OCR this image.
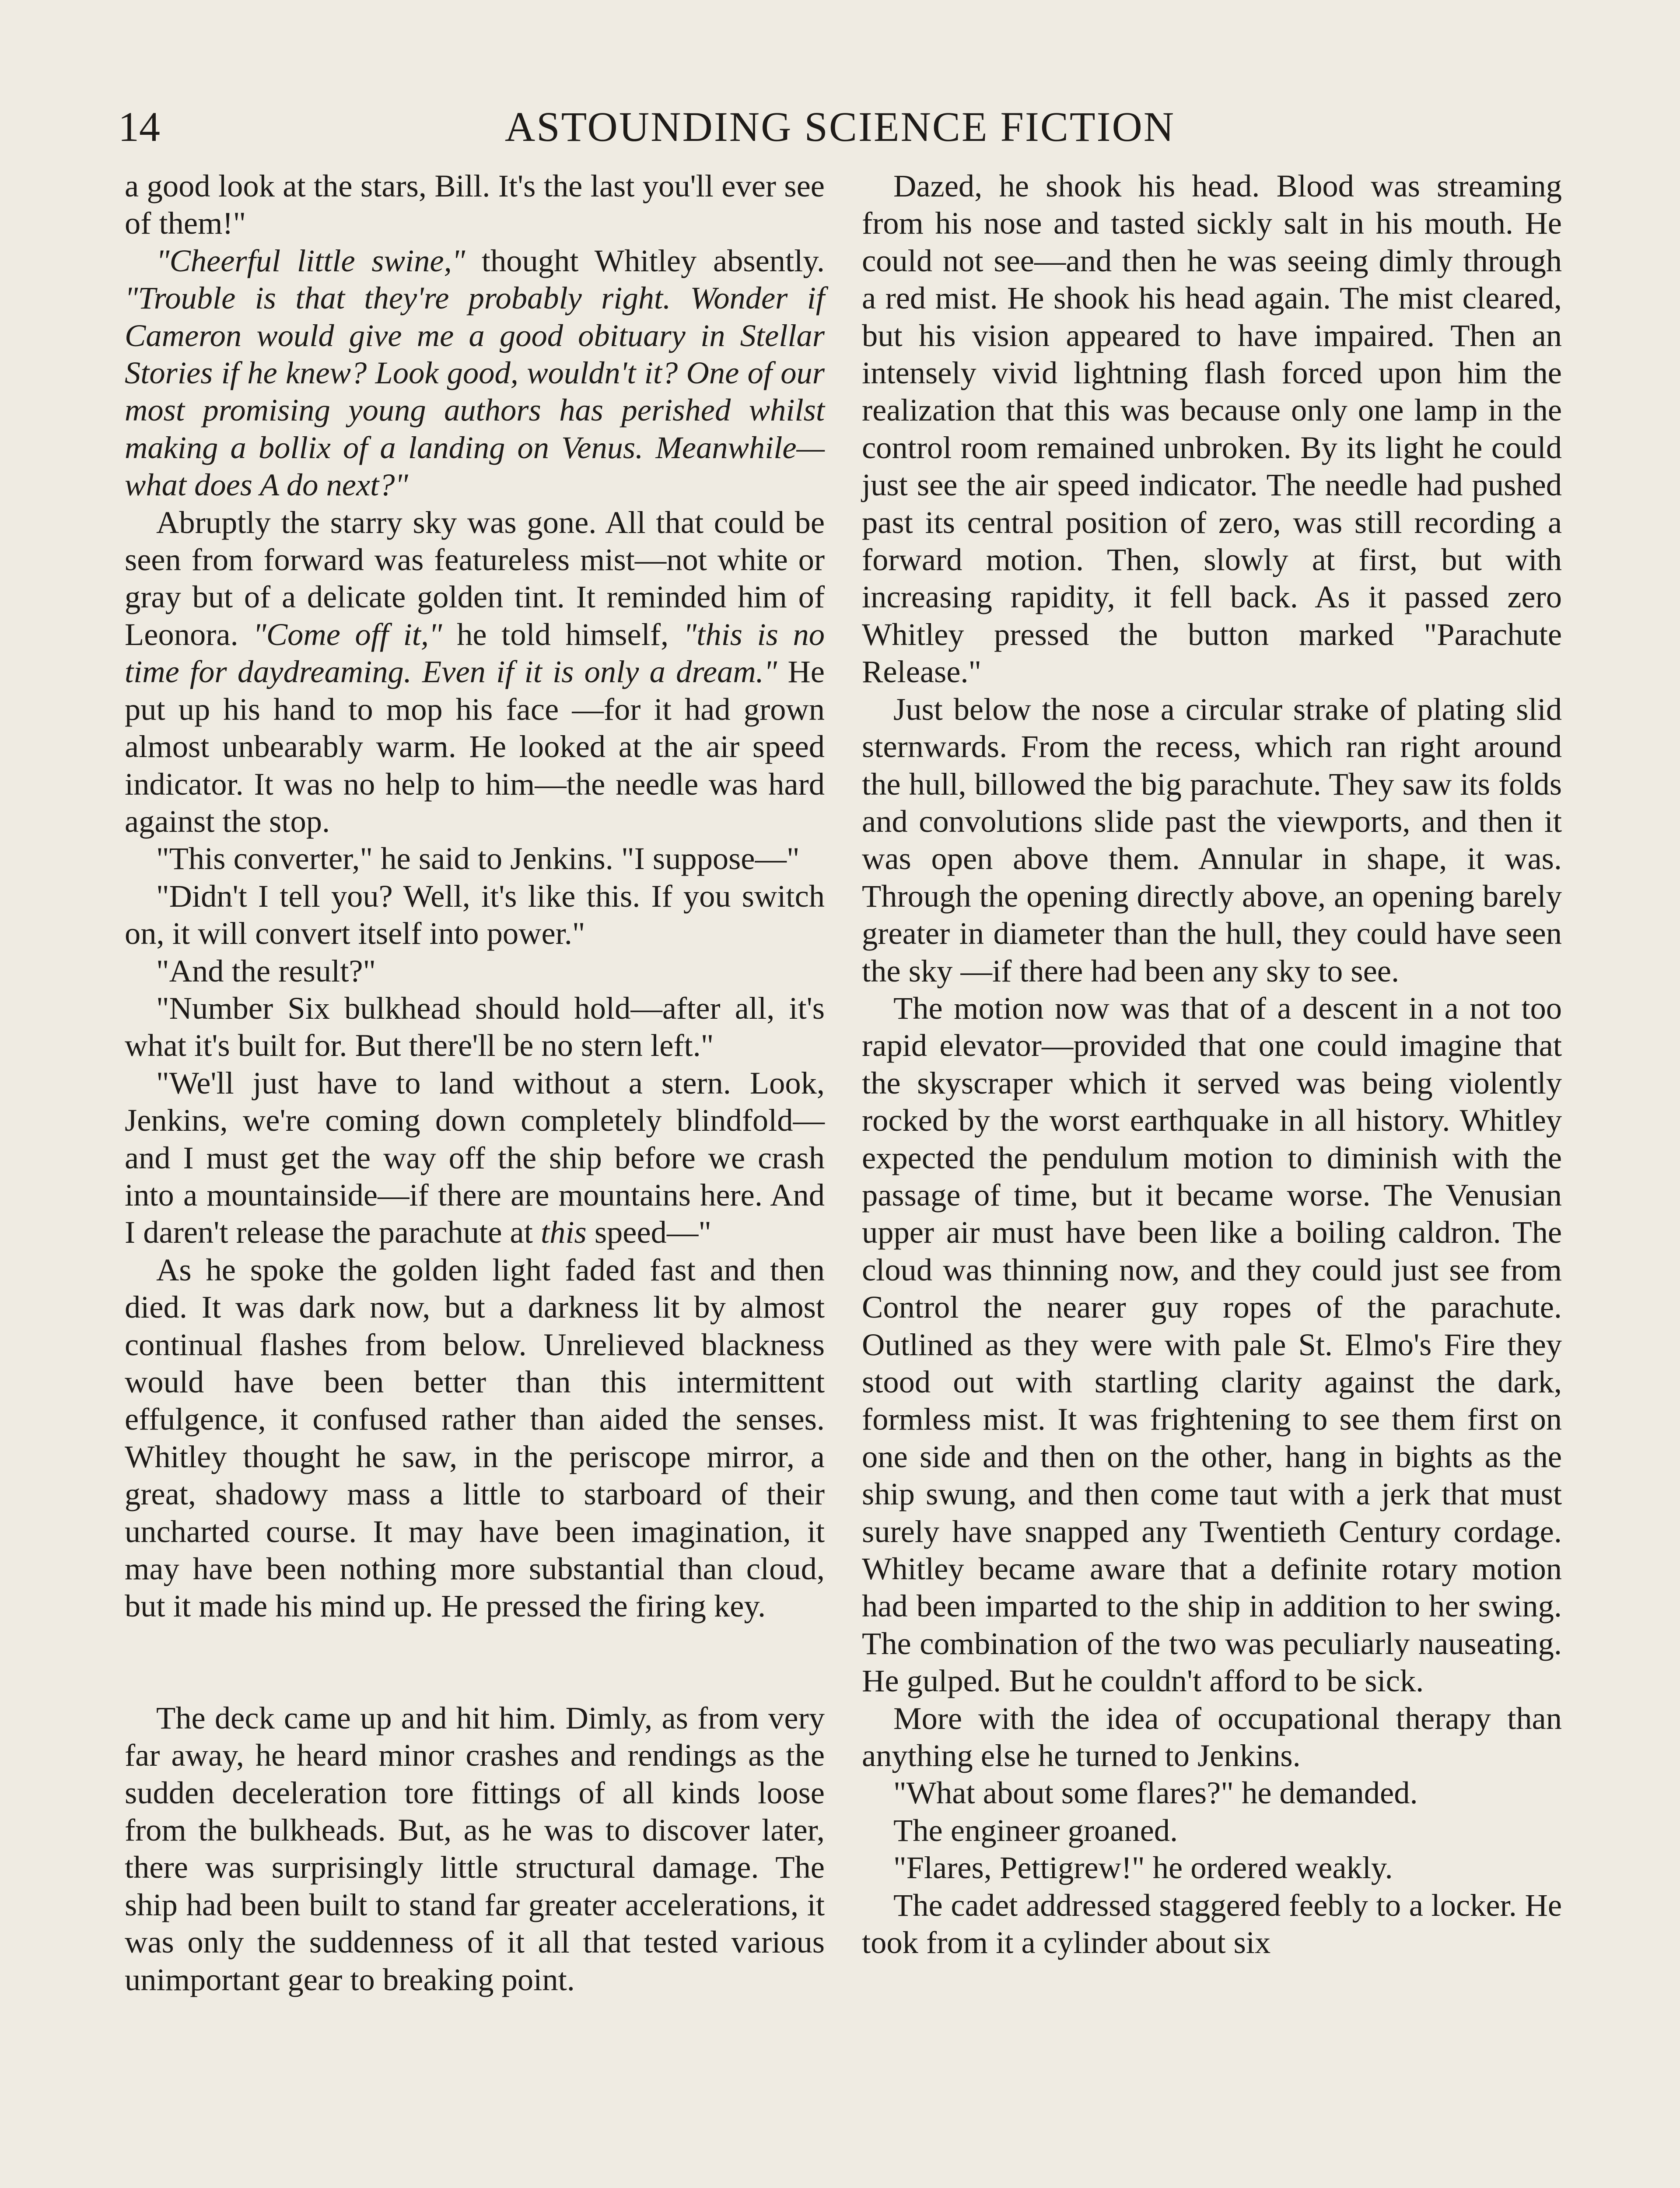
14	ASTOUNDING SCIENCE FICTION

a good look at the stars, Bill. It's the last you'll ever see of them!"

"Cheerful little swine," thought Whitley absently. "Trouble is that they're probably right. Wonder if Cameron would give me a good obituary in Stellar Stories if he knew? Look good, wouldn't it? One of our most promising young authors has perished whilst making a bollix of a landing on Venus. Meanwhile—what does A do next?"

Abruptly the starry sky was gone. All that could be seen from forward was featureless mist—not white or gray but of a delicate golden tint. It reminded him of Leonora. "Come off it," he told himself, "this is no time for daydreaming. Even if it is only a dream." He put up his hand to mop his face —for it had grown almost unbearably warm. He looked at the air speed indicator. It was no help to him—the needle was hard against the stop.

"This converter," he said to Jenkins. "I suppose—"

"Didn't I tell you? Well, it's like this. If you switch on, it will convert itself into power."

"And the result?"

"Number Six bulkhead should hold—after all, it's what it's built for. But there'll be no stern left."

"We'll just have to land without a stern. Look, Jenkins, we're coming down completely blindfold—and I must get the way off the ship before we crash into a mountainside—if there are mountains here. And I daren't release the parachute at this speed—"

As he spoke the golden light faded fast and then died. It was dark now, but a darkness lit by almost continual flashes from below. Unrelieved blackness would have been better than this intermittent effulgence, it confused rather than aided the senses. Whitley thought he saw, in the periscope mirror, a great, shadowy mass a little to starboard of their uncharted course. It may have been imagination, it may have been nothing more substantial than cloud, but it made his mind up. He pressed the firing key.

The deck came up and hit him. Dimly, as from very far away, he heard minor crashes and rendings as the sudden deceleration tore fittings of all kinds loose from the bulkheads. But, as he was to discover later, there was surprisingly little structural damage. The ship had been built to stand far greater accelerations, it was only the suddenness of it all that tested various unimportant gear to breaking point.

Dazed, he shook his head. Blood was streaming from his nose and tasted sickly salt in his mouth. He could not see—and then he was seeing dimly through a red mist. He shook his head again. The mist cleared, but his vision appeared to have impaired. Then an intensely vivid lightning flash forced upon him the realization that this was because only one lamp in the control room remained unbroken. By its light he could just see the air speed indicator. The needle had pushed past its central position of zero, was still recording a forward motion. Then, slowly at first, but with increasing rapidity, it fell back. As it passed zero Whitley pressed the button marked "Parachute Release."

Just below the nose a circular strake of plating slid sternwards. From the recess, which ran right around the hull, billowed the big parachute. They saw its folds and convolutions slide past the viewports, and then it was open above them. Annular in shape, it was. Through the opening directly above, an opening barely greater in diameter than the hull, they could have seen the sky —if there had been any sky to see.

The motion now was that of a descent in a not too rapid elevator—provided that one could imagine that the skyscraper which it served was being violently rocked by the worst earthquake in all history. Whitley expected the pendulum motion to diminish with the passage of time, but it became worse. The Venusian upper air must have been like a boiling caldron. The cloud was thinning now, and they could just see from Control the nearer guy ropes of the parachute. Outlined as they were with pale St. Elmo's Fire they stood out with startling clarity against the dark, formless mist. It was frightening to see them first on one side and then on the other, hang in bights as the ship swung, and then come taut with a jerk that must surely have snapped any Twentieth Century cordage. Whitley became aware that a definite rotary motion had been imparted to the ship in addition to her swing. The combination of the two was peculiarly nauseating. He gulped. But he couldn't afford to be sick.

More with the idea of occupational therapy than anything else he turned to Jenkins.

"What about some flares?" he demanded.

The engineer groaned.

"Flares, Pettigrew!" he ordered weakly.

The cadet addressed staggered feebly to a locker. He took from it a cylinder about six
